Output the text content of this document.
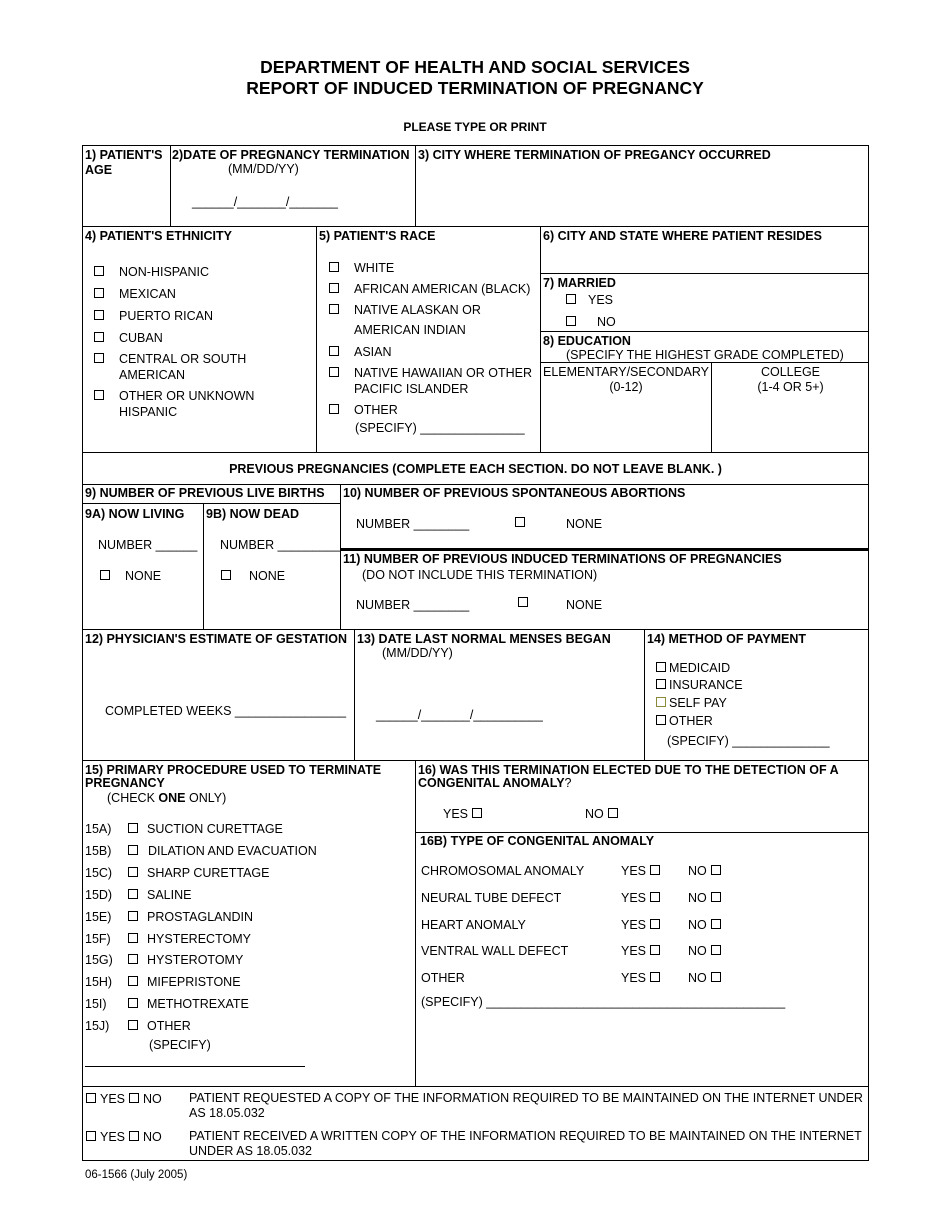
DEPARTMENT OF HEALTH AND SOCIAL SERVICES
REPORT OF INDUCED TERMINATION OF PREGNANCY
PLEASE TYPE OR PRINT
1) PATIENT'S AGE
2)DATE OF PREGNANCY TERMINATION
(MM/DD/YY)
______/_______/_______
3) CITY WHERE TERMINATION OF PREGANCY OCCURRED
4) PATIENT'S ETHNICITY
NON-HISPANIC
MEXICAN
PUERTO RICAN
CUBAN
CENTRAL OR SOUTH AMERICAN
OTHER OR UNKNOWN HISPANIC
5) PATIENT'S RACE
WHITE
AFRICAN AMERICAN (BLACK)
NATIVE ALASKAN OR AMERICAN INDIAN
ASIAN
NATIVE HAWAIIAN OR OTHER PACIFIC ISLANDER
OTHER
(SPECIFY) _______________
6) CITY AND STATE WHERE PATIENT RESIDES
7) MARRIED
YES
NO
8) EDUCATION
(SPECIFY THE HIGHEST GRADE COMPLETED)
ELEMENTARY/SECONDARY
(0-12)
COLLEGE
(1-4 OR 5+)
PREVIOUS PREGNANCIES (COMPLETE EACH SECTION. DO NOT LEAVE BLANK. )
9) NUMBER OF PREVIOUS LIVE BIRTHS
9A) NOW LIVING 9B) NOW DEAD
NUMBER ______ NUMBER _________
NONE	NONE
10) NUMBER OF PREVIOUS SPONTANEOUS ABORTIONS
NUMBER ________	NONE
11) NUMBER OF PREVIOUS INDUCED TERMINATIONS OF PREGNANCIES
(DO NOT INCLUDE THIS TERMINATION)
NUMBER ________	NONE
12) PHYSICIAN'S ESTIMATE OF GESTATION
COMPLETED WEEKS ________________
13) DATE LAST NORMAL MENSES BEGAN
(MM/DD/YY)
______/_______/__________
14) METHOD OF PAYMENT
MEDICAID
INSURANCE
SELF PAY
OTHER
(SPECIFY) ______________
15) PRIMARY PROCEDURE USED TO TERMINATE
PREGNANCY
(CHECK ONE ONLY)
15A)	SUCTION CURETTAGE
15B)	DILATION AND EVACUATION
15C)	SHARP CURETTAGE
15D)	SALINE
15E)	PROSTAGLANDIN
15F)	HYSTERECTOMY
15G)	HYSTEROTOMY
15H)	MIFEPRISTONE
15I)	METHOTREXATE
15J)	OTHER
(SPECIFY)
16) WAS THIS TERMINATION ELECTED DUE TO THE DETECTION OF A
CONGENITAL ANOMALY?
YES	NO
16B) TYPE OF CONGENITAL ANOMALY
CHROMOSOMAL ANOMALY	YES	NO
NEURAL TUBE DEFECT	YES	NO
HEART ANOMALY	YES	NO
VENTRAL WALL DEFECT	YES	NO
OTHER	YES	NO
(SPECIFY) ___________________________________________
YES NO PATIENT REQUESTED A COPY OF THE INFORMATION REQUIRED TO BE MAINTAINED ON THE INTERNET UNDER AS 18.05.032
YES NO PATIENT RECEIVED A WRITTEN COPY OF THE INFORMATION REQUIRED TO BE MAINTAINED ON THE INTERNET UNDER AS 18.05.032
06-1566 (July 2005)
